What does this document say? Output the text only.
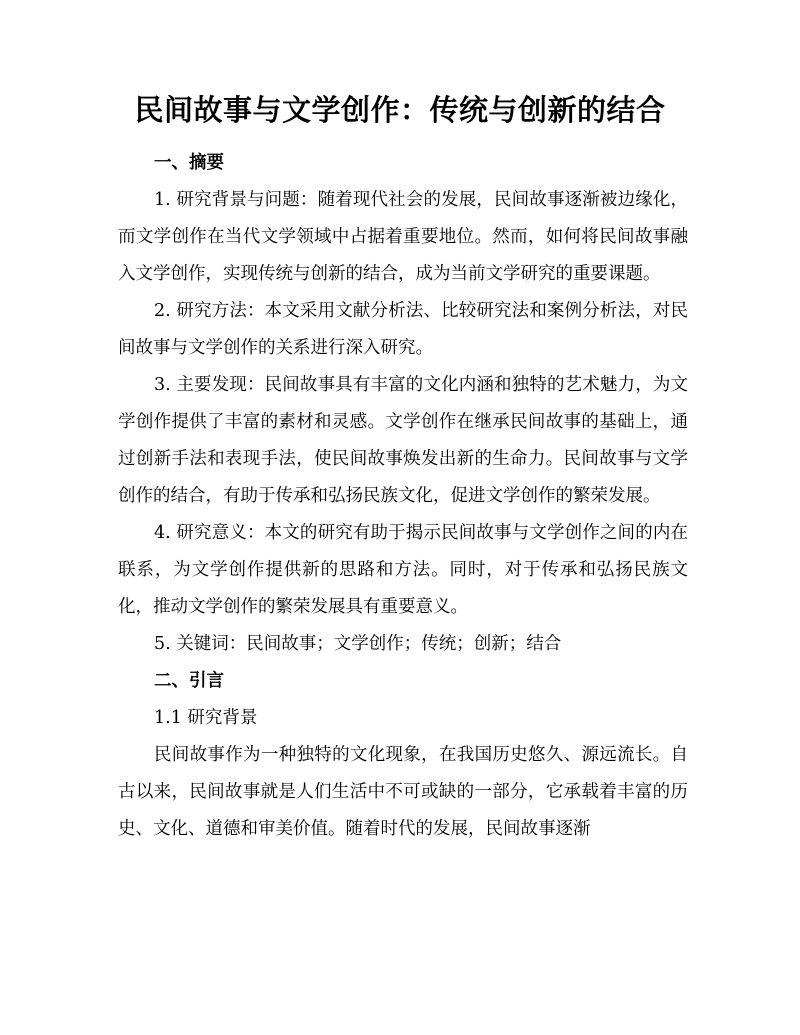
民间故事与文学创作：传统与创新的结合

一、摘要

1. 研究背景与问题：随着现代社会的发展，民间故事逐渐被边缘化，而文学创作在当代文学领域中占据着重要地位。然而，如何将民间故事融入文学创作，实现传统与创新的结合，成为当前文学研究的重要课题。

2. 研究方法：本文采用文献分析法、比较研究法和案例分析法，对民间故事与文学创作的关系进行深入研究。

3. 主要发现：民间故事具有丰富的文化内涵和独特的艺术魅力，为文学创作提供了丰富的素材和灵感。文学创作在继承民间故事的基础上，通过创新手法和表现手法，使民间故事焕发出新的生命力。民间故事与文学创作的结合，有助于传承和弘扬民族文化，促进文学创作的繁荣发展。

4. 研究意义：本文的研究有助于揭示民间故事与文学创作之间的内在联系，为文学创作提供新的思路和方法。同时，对于传承和弘扬民族文化，推动文学创作的繁荣发展具有重要意义。

5. 关键词：民间故事；文学创作；传统；创新；结合

二、引言

1.1 研究背景

民间故事作为一种独特的文化现象，在我国历史悠久、源远流长。自古以来，民间故事就是人们生活中不可或缺的一部分，它承载着丰富的历史、文化、道德和审美价值。随着时代的发展，民间故事逐渐
